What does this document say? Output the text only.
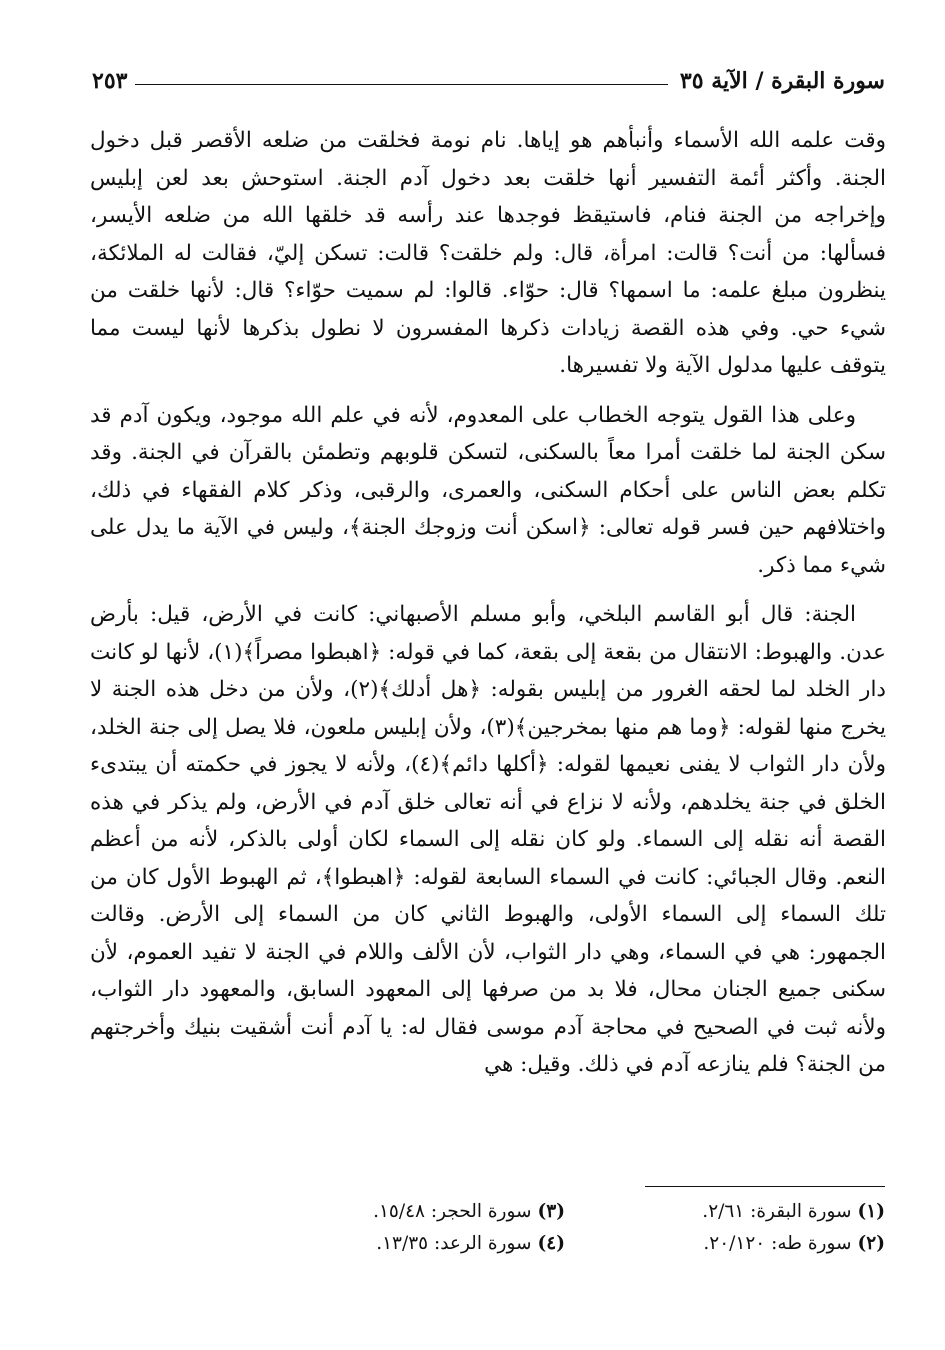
سورة البقرة / الآية ٣٥
٢٥٣

وقت علمه الله الأسماء وأنبأهم هو إياها. نام نومة فخلقت من ضلعه الأقصر قبل دخول الجنة. وأكثر أئمة التفسير أنها خلقت بعد دخول آدم الجنة. استوحش بعد لعن إبليس وإخراجه من الجنة فنام، فاستيقظ فوجدها عند رأسه قد خلقها الله من ضلعه الأيسر، فسألها: من أنت؟ قالت: امرأة، قال: ولم خلقت؟ قالت: تسكن إليّ، فقالت له الملائكة، ينظرون مبلغ علمه: ما اسمها؟ قال: حوّاء. قالوا: لم سميت حوّاء؟ قال: لأنها خلقت من شيء حي. وفي هذه القصة زيادات ذكرها المفسرون لا نطول بذكرها لأنها ليست مما يتوقف عليها مدلول الآية ولا تفسيرها.

وعلى هذا القول يتوجه الخطاب على المعدوم، لأنه في علم الله موجود، ويكون آدم قد سكن الجنة لما خلقت أمرا معاً بالسكنى، لتسكن قلوبهم وتطمئن بالقرآن في الجنة. وقد تكلم بعض الناس على أحكام السكنى، والعمرى، والرقبى، وذكر كلام الفقهاء في ذلك، واختلافهم حين فسر قوله تعالى: ﴿اسكن أنت وزوجك الجنة﴾، وليس في الآية ما يدل على شيء مما ذكر.

الجنة: قال أبو القاسم البلخي، وأبو مسلم الأصبهاني: كانت في الأرض، قيل: بأرض عدن. والهبوط: الانتقال من بقعة إلى بقعة، كما في قوله: ﴿اهبطوا مصراً﴾(١)، لأنها لو كانت دار الخلد لما لحقه الغرور من إبليس بقوله: ﴿هل أدلك﴾(٢)، ولأن من دخل هذه الجنة لا يخرج منها لقوله: ﴿وما هم منها بمخرجين﴾(٣)، ولأن إبليس ملعون، فلا يصل إلى جنة الخلد، ولأن دار الثواب لا يفنى نعيمها لقوله: ﴿أكلها دائم﴾(٤)، ولأنه لا يجوز في حكمته أن يبتدىء الخلق في جنة يخلدهم، ولأنه لا نزاع في أنه تعالى خلق آدم في الأرض، ولم يذكر في هذه القصة أنه نقله إلى السماء. ولو كان نقله إلى السماء لكان أولى بالذكر، لأنه من أعظم النعم. وقال الجبائي: كانت في السماء السابعة لقوله: ﴿اهبطوا﴾، ثم الهبوط الأول كان من تلك السماء إلى السماء الأولى، والهبوط الثاني كان من السماء إلى الأرض. وقالت الجمهور: هي في السماء، وهي دار الثواب، لأن الألف واللام في الجنة لا تفيد العموم، لأن سكنى جميع الجنان محال، فلا بد من صرفها إلى المعهود السابق، والمعهود دار الثواب، ولأنه ثبت في الصحيح في محاجة آدم موسى فقال له: يا آدم أنت أشقيت بنيك وأخرجتهم من الجنة؟ فلم ينازعه آدم في ذلك. وقيل: هي

(١)سورة البقرة: ٢/٦١.
(٣)سورة الحجر: ١٥/٤٨.
(٢)سورة طه: ٢٠/١٢٠.
(٤)سورة الرعد: ١٣/٣٥.
